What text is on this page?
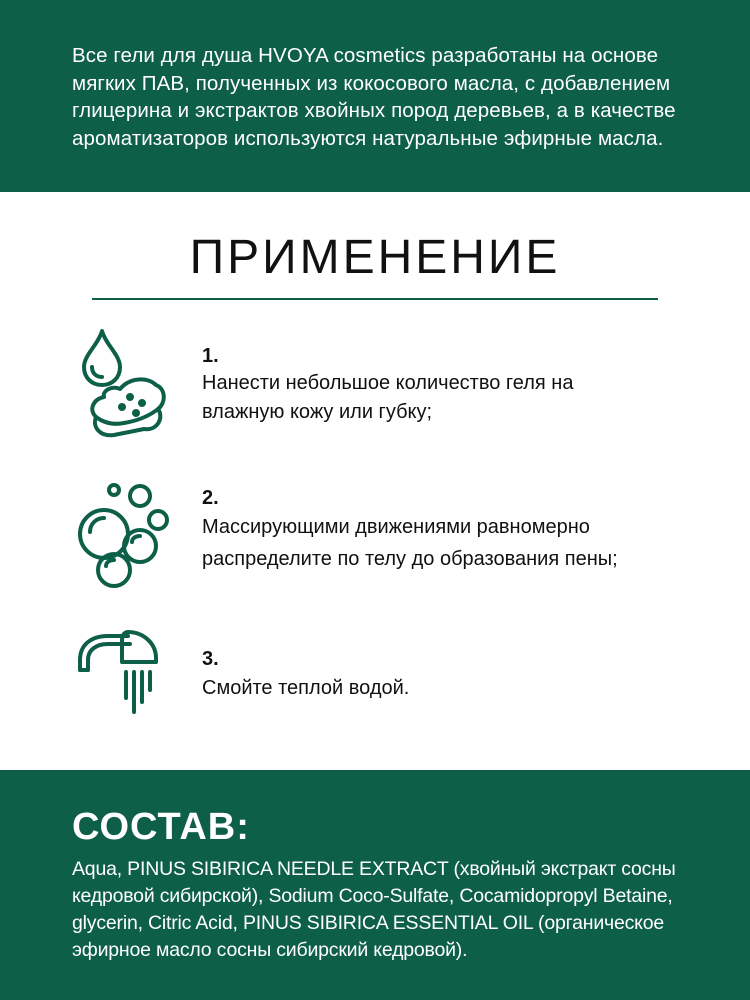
Все гели для душа HVOYA cosmetics разработаны на основе мягких ПАВ, полученных из кокосового масла, с добавлением глицерина и экстрактов хвойных пород деревьев, а в качестве ароматизаторов используются натуральные эфирные масла.

ПРИМЕНЕНИЕ
1.
Нанести небольшое количество геля на влажную кожу или губку;
2.
Массирующими движениями равномерно распределите по телу до образования пены;
3.
Смойте теплой водой.
СОСТАВ:

Aqua, PINUS SIBIRICA NEEDLE EXTRACT (хвойный экстракт сосны кедровой сибирской), Sodium Coco-Sulfate, Cocamidopropyl Betaine, glycerin, Citric Acid, PINUS SIBIRICA ESSENTIAL OIL (органическое эфирное масло сосны сибирский кедровой).
